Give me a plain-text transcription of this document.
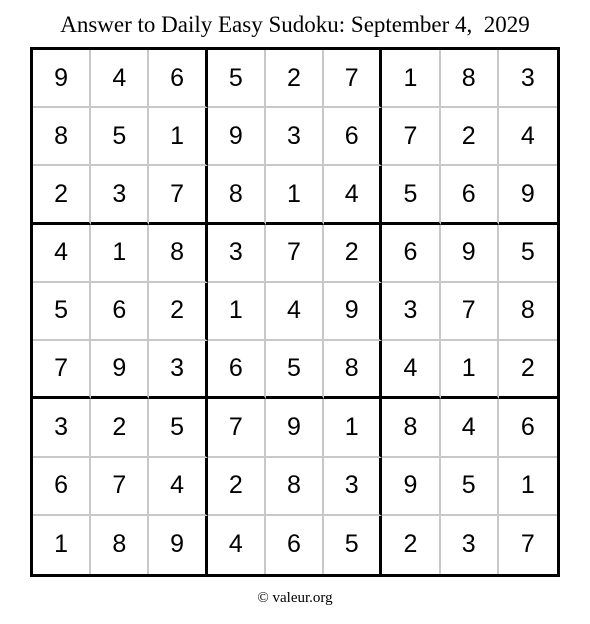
Answer to Daily Easy Sudoku: September 4,  2029
9	4	6	5	2	7	1	8	3
8	5	1	9	3	6	7	2	4
2	3	7	8	1	4	5	6	9
4	1	8	3	7	2	6	9	5
5	6	2	1	4	9	3	7	8
7	9	3	6	5	8	4	1	2
3	2	5	7	9	1	8	4	6
6	7	4	2	8	3	9	5	1
1	8	9	4	6	5	2	3	7
© valeur.org
